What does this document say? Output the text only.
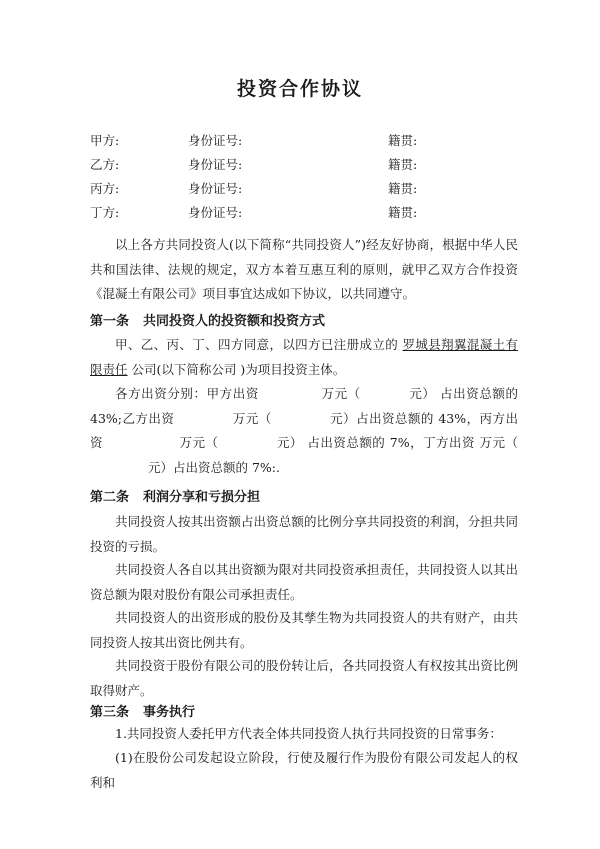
投资合作协议
甲方:	身份证号:	籍贯:
乙方:	身份证号:	籍贯:
丙方:	身份证号:	籍贯:
丁方:	身份证号:	籍贯:
以上各方共同投资人(以下简称“共同投资人”)经友好协商，根据中华人民共和国法律、法规的规定，双方本着互惠互利的原则，就甲乙双方合作投资《混凝土有限公司》项目事宜达成如下协议，以共同遵守。
第一条 共同投资人的投资额和投资方式
甲、乙、丙、丁、四方同意，以四方已注册成立的 罗城县翔翼混凝土有限责任 公司(以下简称公司 )为项目投资主体。
各方出资分别：甲方出资	万元（	元） 占出资总额的43%;乙方出资	万元（	元）占出资总额的 43%，丙方出资	万元（	元） 占出资总额的 7%，丁方出资 万元（元）占出资总额的 7%:.
第二条 利润分享和亏损分担
共同投资人按其出资额占出资总额的比例分享共同投资的利润，分担共同投资的亏损。
共同投资人各自以其出资额为限对共同投资承担责任，共同投资人以其出资总额为限对股份有限公司承担责任。
共同投资人的出资形成的股份及其孳生物为共同投资人的共有财产，由共同投资人按其出资比例共有。
共同投资于股份有限公司的股份转让后，各共同投资人有权按其出资比例取得财产。
第三条 事务执行
1.共同投资人委托甲方代表全体共同投资人执行共同投资的日常事务：
(1)在股份公司发起设立阶段，行使及履行作为股份有限公司发起人的权利和
